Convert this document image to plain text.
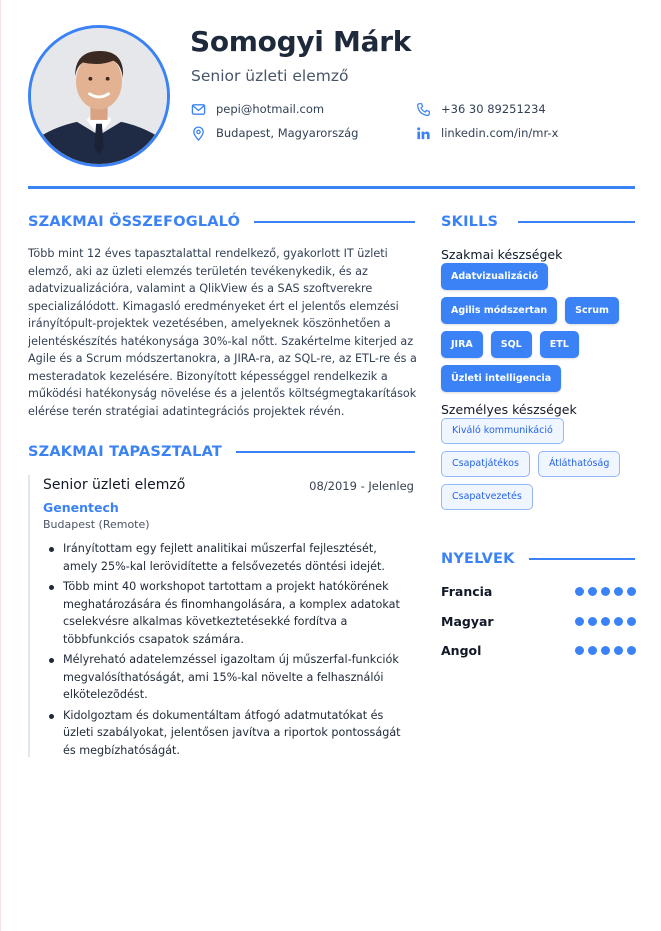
Somogyi Márk
Senior üzleti elemző
pepi@hotmail.com
Budapest, Magyarország
+36 30 89251234
linkedin.com/in/mr-x
SZAKMAI ÖSSZEFOGLALÓ

Több mint 12 éves tapasztalattal rendelkező, gyakorlott IT üzleti elemző, aki az üzleti elemzés területén tevékenykedik, és az adatvizualizációra, valamint a QlikView és a SAS szoftverekre specializálódott. Kimagasló eredményeket ért el jelentős elemzési irányítópult-projektek vezetésében, amelyeknek köszönhetően a jelentéskészítés hatékonysága 30%-kal nőtt. Szakértelme kiterjed az Agile és a Scrum módszertanokra, a JIRA-ra, az SQL-re, az ETL-re és a mesteradatok kezelésére. Bizonyított képességgel rendelkezik a működési hatékonyság növelése és a jelentős költségmegtakarítások elérése terén stratégiai adatintegrációs projektek révén.

SZAKMAI TAPASZTALAT
Senior üzleti elemző	08/2019 - Jelenleg
Genentech
Budapest (Remote)
Irányítottam egy fejlett analitikai műszerfal fejlesztését, amely 25%-kal lerövidítette a felsővezetés döntési idejét.
Több mint 40 workshopot tartottam a projekt hatókörének meghatározására és finomhangolására, a komplex adatokat cselekvésre alkalmas következtetésekké fordítva a többfunkciós csapatok számára.
Mélyreható adatelemzéssel igazoltam új műszerfal-funkciók megvalósíthatóságát, ami 15%-kal növelte a felhasználói elkötelezõdést.
Kidolgoztam és dokumentáltam átfogó adatmutatókat és üzleti szabályokat, jelentősen javítva a riportok pontosságát és megbízhatóságát.
SKILLS
Szakmai készségek
Adatvizualizáció
Agilis módszertan	Scrum
JIRA	SQL	ETL
Üzleti intelligencia
Személyes készségek
Kiváló kommunikáció
Csapatjátékos	Átláthatóság
Csapatvezetés
NYELVEK
Francia
Magyar
Angol
